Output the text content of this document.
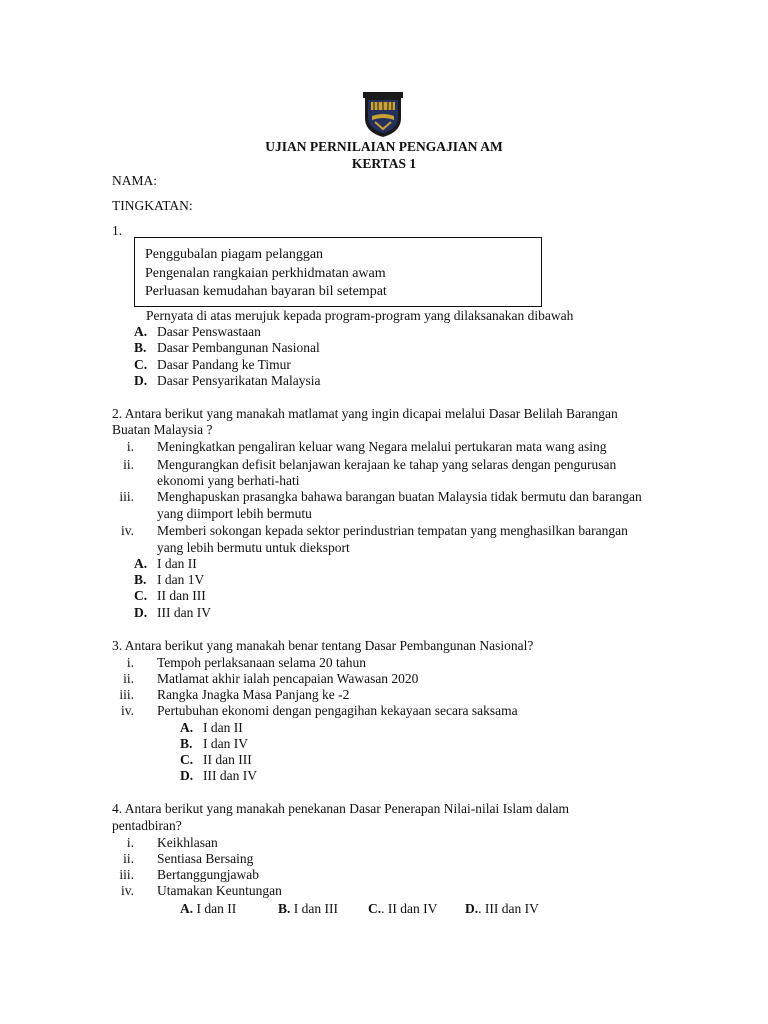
UJIAN PERNILAIAN PENGAJIAN AM
KERTAS 1
NAMA:
TINGKATAN:
1.
Penggubalan piagam pelanggan
Pengenalan rangkaian perkhidmatan awam
Perluasan kemudahan bayaran bil setempat
Pernyata di atas merujuk kepada program-program yang dilaksanakan dibawah
A. Dasar Penswastaan
B. Dasar Pembangunan Nasional
C. Dasar Pandang ke Timur
D. Dasar Pensyarikatan Malaysia
2. Antara berikut yang manakah matlamat yang ingin dicapai melalui Dasar Belilah Barangan
Buatan Malaysia ?
i. Meningkatkan pengaliran keluar wang Negara melalui pertukaran mata wang asing
ii. Mengurangkan defisit belanjawan kerajaan ke tahap yang selaras dengan pengurusan
ekonomi yang berhati-hati
iii. Menghapuskan prasangka bahawa barangan buatan Malaysia tidak bermutu dan barangan
yang diimport lebih bermutu
iv. Memberi sokongan kepada sektor perindustrian tempatan yang menghasilkan barangan
yang lebih bermutu untuk dieksport
A. I dan II
B. I dan 1V
C. II dan III
D. III dan IV
3. Antara berikut yang manakah benar tentang Dasar Pembangunan Nasional?
i. Tempoh perlaksanaan selama 20 tahun
ii. Matlamat akhir ialah pencapaian Wawasan 2020
iii. Rangka Jnagka Masa Panjang ke -2
iv. Pertubuhan ekonomi dengan pengagihan kekayaan secara saksama
A. I dan II
B. I dan IV
C. II dan III
D. III dan IV
4. Antara berikut yang manakah penekanan Dasar Penerapan Nilai-nilai Islam dalam
pentadbiran?
i. Keikhlasan
ii. Sentiasa Bersaing
iii. Bertanggungjawab
iv. Utamakan Keuntungan
A. I dan II	B. I dan III C.. II dan IV D.. III dan IV
